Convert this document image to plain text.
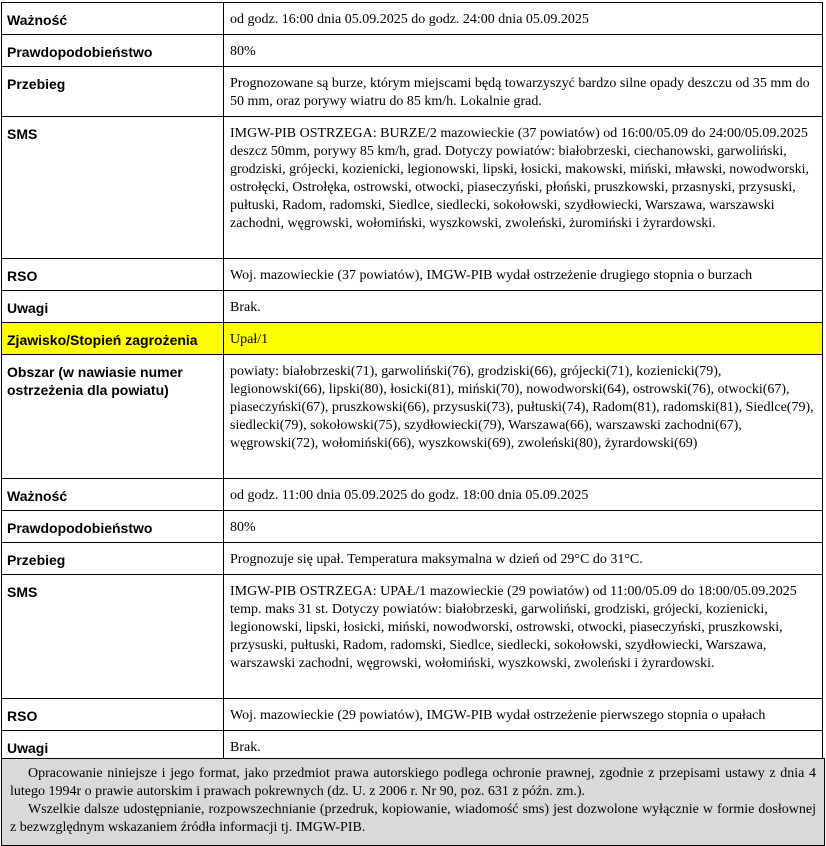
Ważność	od godz. 16:00 dnia 05.09.2025 do godz. 24:00 dnia 05.09.2025
Prawdopodobieństwo	80%
Przebieg	Prognozowane są burze, którym miejscami będą towarzyszyć bardzo silne opady deszczu od 35 mm do 50 mm, oraz porywy wiatru do 85 km/h. Lokalnie grad.
SMS	IMGW-PIB OSTRZEGA: BURZE/2 mazowieckie (37 powiatów) od 16:00/05.09 do 24:00/05.09.2025 deszcz 50mm, porywy 85 km/h, grad. Dotyczy powiatów: białobrzeski, ciechanowski, garwoliński, grodziski, grójecki, kozienicki, legionowski, lipski, łosicki, makowski, miński, mławski, nowodworski, ostrołęcki, Ostrołęka, ostrowski, otwocki, piaseczyński, płoński, pruszkowski, przasnyski, przysuski, pułtuski, Radom, radomski, Siedlce, siedlecki, sokołowski, szydłowiecki, Warszawa, warszawski zachodni, węgrowski, wołomiński, wyszkowski, zwoleński, żuromiński i żyrardowski.
RSO	Woj. mazowieckie (37 powiatów), IMGW-PIB wydał ostrzeżenie drugiego stopnia o burzach
Uwagi	Brak.
Zjawisko/Stopień zagrożenia	Upał/1
Obszar (w nawiasie numer ostrzeżenia dla powiatu)	powiaty: białobrzeski(71), garwoliński(76), grodziski(66), grójecki(71), kozienicki(79), legionowski(66), lipski(80), łosicki(81), miński(70), nowodworski(64), ostrowski(76), otwocki(67), piaseczyński(67), pruszkowski(66), przysuski(73), pułtuski(74), Radom(81), radomski(81), Siedlce(79), siedlecki(79), sokołowski(75), szydłowiecki(79), Warszawa(66), warszawski zachodni(67), węgrowski(72), wołomiński(66), wyszkowski(69), zwoleński(80), żyrardowski(69)
Ważność	od godz. 11:00 dnia 05.09.2025 do godz. 18:00 dnia 05.09.2025
Prawdopodobieństwo	80%
Przebieg	Prognozuje się upał. Temperatura maksymalna w dzień od 29°C do 31°C.
SMS	IMGW-PIB OSTRZEGA: UPAŁ/1 mazowieckie (29 powiatów) od 11:00/05.09 do 18:00/05.09.2025 temp. maks 31 st. Dotyczy powiatów: białobrzeski, garwoliński, grodziski, grójecki, kozienicki, legionowski, lipski, łosicki, miński, nowodworski, ostrowski, otwocki, piaseczyński, pruszkowski, przysuski, pułtuski, Radom, radomski, Siedlce, siedlecki, sokołowski, szydłowiecki, Warszawa, warszawski zachodni, węgrowski, wołomiński, wyszkowski, zwoleński i żyrardowski.
RSO	Woj. mazowieckie (29 powiatów), IMGW-PIB wydał ostrzeżenie pierwszego stopnia o upałach
Uwagi	Brak.

Opracowanie niniejsze i jego format, jako przedmiot prawa autorskiego podlega ochronie prawnej, zgodnie z przepisami ustawy z dnia 4 lutego 1994r o prawie autorskim i prawach pokrewnych (dz. U. z 2006 r. Nr 90, poz. 631 z późn. zm.).

Wszelkie dalsze udostępnianie, rozpowszechnianie (przedruk, kopiowanie, wiadomość sms) jest dozwolone wyłącznie w formie dosłownej z bezwzględnym wskazaniem źródła informacji tj. IMGW-PIB.
